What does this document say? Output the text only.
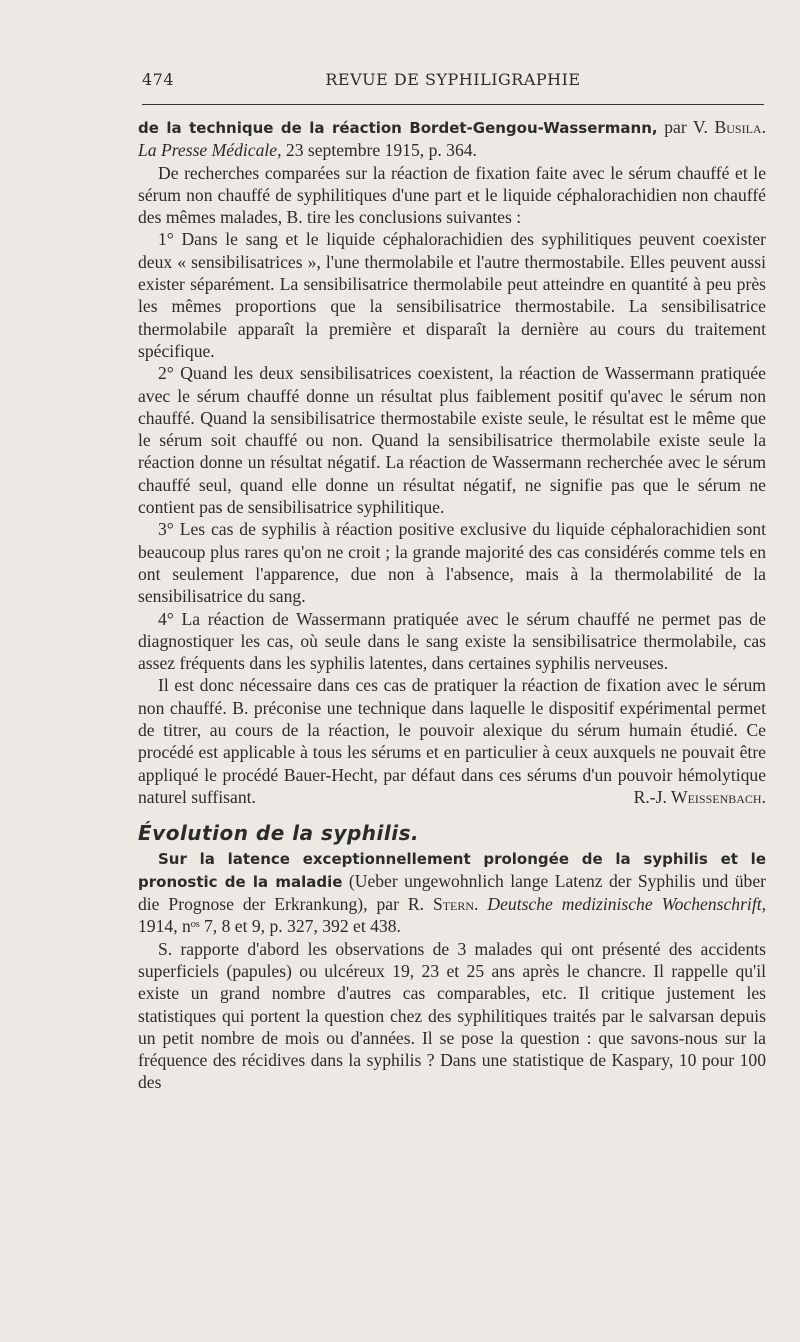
474	REVUE DE SYPHILIGRAPHIE

de la technique de la réaction Bordet-Gengou-Wassermann, par V. Busila. La Presse Médicale, 23 septembre 1915, p. 364.

De recherches comparées sur la réaction de fixation faite avec le sérum chauffé et le sérum non chauffé de syphilitiques d'une part et le liquide céphalorachidien non chauffé des mêmes malades, B. tire les conclusions suivantes :

1° Dans le sang et le liquide céphalorachidien des syphilitiques peuvent coexister deux « sensibilisatrices », l'une thermolabile et l'autre thermostabile. Elles peuvent aussi exister séparément. La sensibilisatrice thermolabile peut atteindre en quantité à peu près les mêmes proportions que la sensibilisatrice thermostabile. La sensibilisatrice thermolabile apparaît la première et disparaît la dernière au cours du traitement spécifique.

2° Quand les deux sensibilisatrices coexistent, la réaction de Wassermann pratiquée avec le sérum chauffé donne un résultat plus faiblement positif qu'avec le sérum non chauffé. Quand la sensibilisatrice thermostabile existe seule, le résultat est le même que le sérum soit chauffé ou non. Quand la sensibilisatrice thermolabile existe seule la réaction donne un résultat négatif. La réaction de Wassermann recherchée avec le sérum chauffé seul, quand elle donne un résultat négatif, ne signifie pas que le sérum ne contient pas de sensibilisatrice syphilitique.

3° Les cas de syphilis à réaction positive exclusive du liquide céphalorachidien sont beaucoup plus rares qu'on ne croit ; la grande majorité des cas considérés comme tels en ont seulement l'apparence, due non à l'absence, mais à la thermolabilité de la sensibilisatrice du sang.

4° La réaction de Wassermann pratiquée avec le sérum chauffé ne permet pas de diagnostiquer les cas, où seule dans le sang existe la sensibilisatrice thermolabile, cas assez fréquents dans les syphilis latentes, dans certaines syphilis nerveuses.

Il est donc nécessaire dans ces cas de pratiquer la réaction de fixation avec le sérum non chauffé. B. préconise une technique dans laquelle le dispositif expérimental permet de titrer, au cours de la réaction, le pouvoir alexique du sérum humain étudié. Ce procédé est applicable à tous les sérums et en particulier à ceux auxquels ne pouvait être appliqué le procédé Bauer-Hecht, par défaut dans ces sérums d'un pouvoir hémolytique naturel suffisant.	R.-J. Weissenbach.

Évolution de la syphilis.

Sur la latence exceptionnellement prolongée de la syphilis et le pronostic de la maladie (Ueber ungewohnlich lange Latenz der Syphilis und über die Prognose der Erkrankung), par R. Stern. Deutsche medizinische Wochenschrift, 1914, nᵒˢ 7, 8 et 9, p. 327, 392 et 438.

S. rapporte d'abord les observations de 3 malades qui ont présenté des accidents superficiels (papules) ou ulcéreux 19, 23 et 25 ans après le chancre. Il rappelle qu'il existe un grand nombre d'autres cas comparables, etc. Il critique justement les statistiques qui portent la question chez des syphilitiques traités par le salvarsan depuis un petit nombre de mois ou d'années. Il se pose la question : que savons-nous sur la fréquence des récidives dans la syphilis ? Dans une statistique de Kaspary, 10 pour 100 des
